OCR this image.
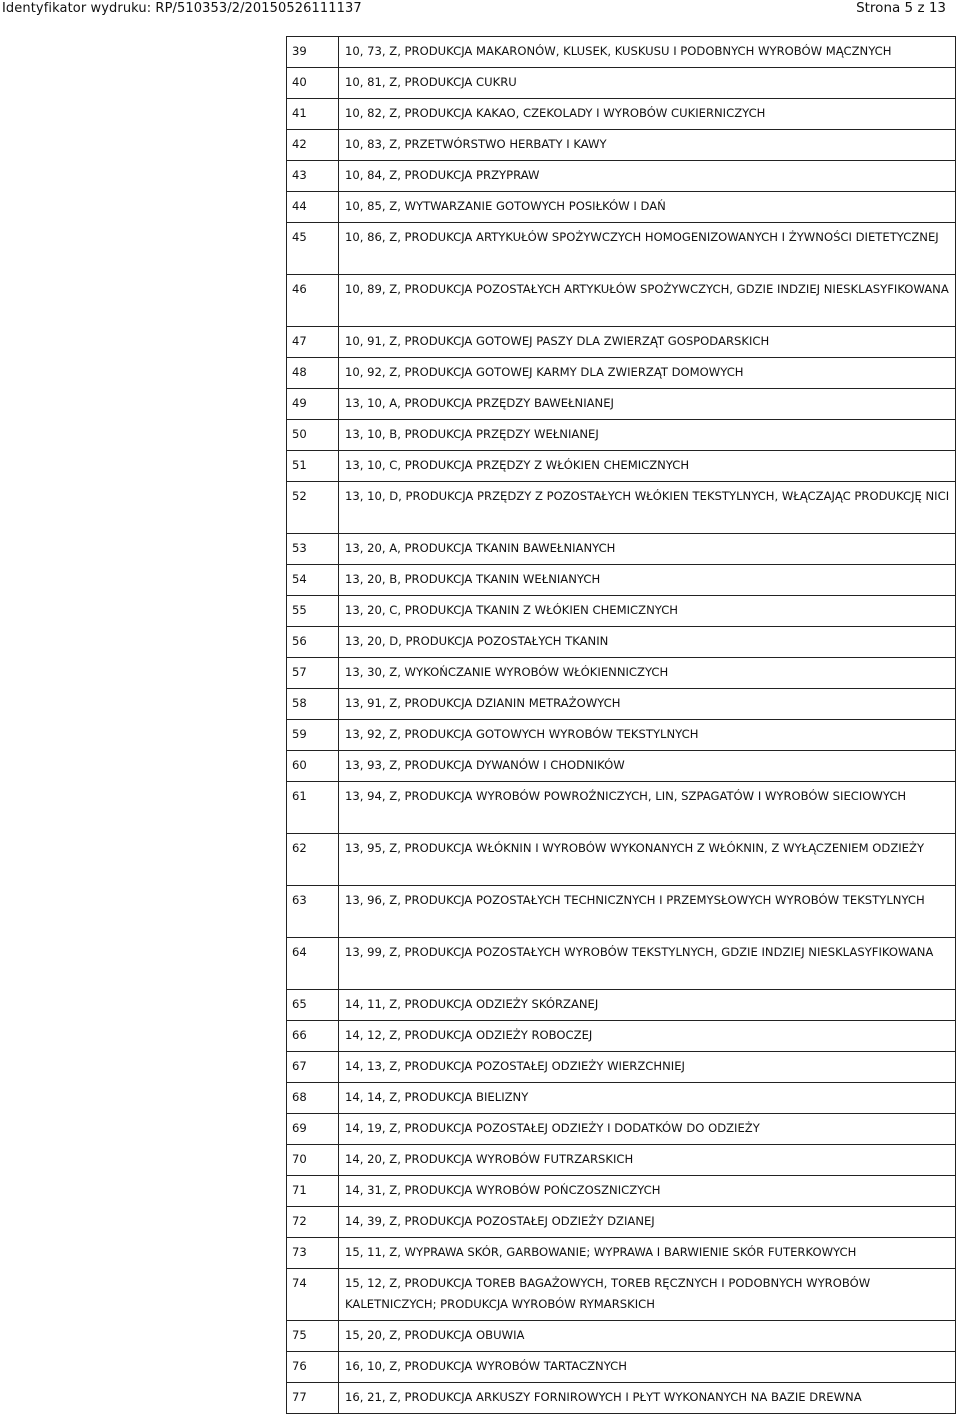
Identyfikator wydruku: RP/510353/2/20150526111137	Strona 5 z 13
39	10, 73, Z, PRODUKCJA MAKARONÓW, KLUSEK, KUSKUSU I PODOBNYCH WYROBÓW MĄCZNYCH
40	10, 81, Z, PRODUKCJA CUKRU
41	10, 82, Z, PRODUKCJA KAKAO, CZEKOLADY I WYROBÓW CUKIERNICZYCH
42	10, 83, Z, PRZETWÓRSTWO HERBATY I KAWY
43	10, 84, Z, PRODUKCJA PRZYPRAW
44	10, 85, Z, WYTWARZANIE GOTOWYCH POSIŁKÓW I DAŃ
45	10, 86, Z, PRODUKCJA ARTYKUŁÓW SPOŻYWCZYCH HOMOGENIZOWANYCH I ŻYWNOŚCI DIETETYCZNEJ
46	10, 89, Z, PRODUKCJA POZOSTAŁYCH ARTYKUŁÓW SPOŻYWCZYCH, GDZIE INDZIEJ NIESKLASYFIKOWANA
47	10, 91, Z, PRODUKCJA GOTOWEJ PASZY DLA ZWIERZĄT GOSPODARSKICH
48	10, 92, Z, PRODUKCJA GOTOWEJ KARMY DLA ZWIERZĄT DOMOWYCH
49	13, 10, A, PRODUKCJA PRZĘDZY BAWEŁNIANEJ
50	13, 10, B, PRODUKCJA PRZĘDZY WEŁNIANEJ
51	13, 10, C, PRODUKCJA PRZĘDZY Z WŁÓKIEN CHEMICZNYCH
52	13, 10, D, PRODUKCJA PRZĘDZY Z POZOSTAŁYCH WŁÓKIEN TEKSTYLNYCH, WŁĄCZAJĄC PRODUKCJĘ NICI
53	13, 20, A, PRODUKCJA TKANIN BAWEŁNIANYCH
54	13, 20, B, PRODUKCJA TKANIN WEŁNIANYCH
55	13, 20, C, PRODUKCJA TKANIN Z WŁÓKIEN CHEMICZNYCH
56	13, 20, D, PRODUKCJA POZOSTAŁYCH TKANIN
57	13, 30, Z, WYKOŃCZANIE WYROBÓW WŁÓKIENNICZYCH
58	13, 91, Z, PRODUKCJA DZIANIN METRAŻOWYCH
59	13, 92, Z, PRODUKCJA GOTOWYCH WYROBÓW TEKSTYLNYCH
60	13, 93, Z, PRODUKCJA DYWANÓW I CHODNIKÓW
61	13, 94, Z, PRODUKCJA WYROBÓW POWROŹNICZYCH, LIN, SZPAGATÓW I WYROBÓW SIECIOWYCH
62	13, 95, Z, PRODUKCJA WŁÓKNIN I WYROBÓW WYKONANYCH Z WŁÓKNIN, Z WYŁĄCZENIEM ODZIEŻY
63	13, 96, Z, PRODUKCJA POZOSTAŁYCH TECHNICZNYCH I PRZEMYSŁOWYCH WYROBÓW TEKSTYLNYCH
64	13, 99, Z, PRODUKCJA POZOSTAŁYCH WYROBÓW TEKSTYLNYCH, GDZIE INDZIEJ NIESKLASYFIKOWANA
65	14, 11, Z, PRODUKCJA ODZIEŻY SKÓRZANEJ
66	14, 12, Z, PRODUKCJA ODZIEŻY ROBOCZEJ
67	14, 13, Z, PRODUKCJA POZOSTAŁEJ ODZIEŻY WIERZCHNIEJ
68	14, 14, Z, PRODUKCJA BIELIZNY
69	14, 19, Z, PRODUKCJA POZOSTAŁEJ ODZIEŻY I DODATKÓW DO ODZIEŻY
70	14, 20, Z, PRODUKCJA WYROBÓW FUTRZARSKICH
71	14, 31, Z, PRODUKCJA WYROBÓW POŃCZOSZNICZYCH
72	14, 39, Z, PRODUKCJA POZOSTAŁEJ ODZIEŻY DZIANEJ
73	15, 11, Z, WYPRAWA SKÓR, GARBOWANIE; WYPRAWA I BARWIENIE SKÓR FUTERKOWYCH
74	15, 12, Z, PRODUKCJA TOREB BAGAŻOWYCH, TOREB RĘCZNYCH I PODOBNYCH WYROBÓW KALETNICZYCH; PRODUKCJA WYROBÓW RYMARSKICH
75	15, 20, Z, PRODUKCJA OBUWIA
76	16, 10, Z, PRODUKCJA WYROBÓW TARTACZNYCH
77	16, 21, Z, PRODUKCJA ARKUSZY FORNIROWYCH I PŁYT WYKONANYCH NA BAZIE DREWNA
